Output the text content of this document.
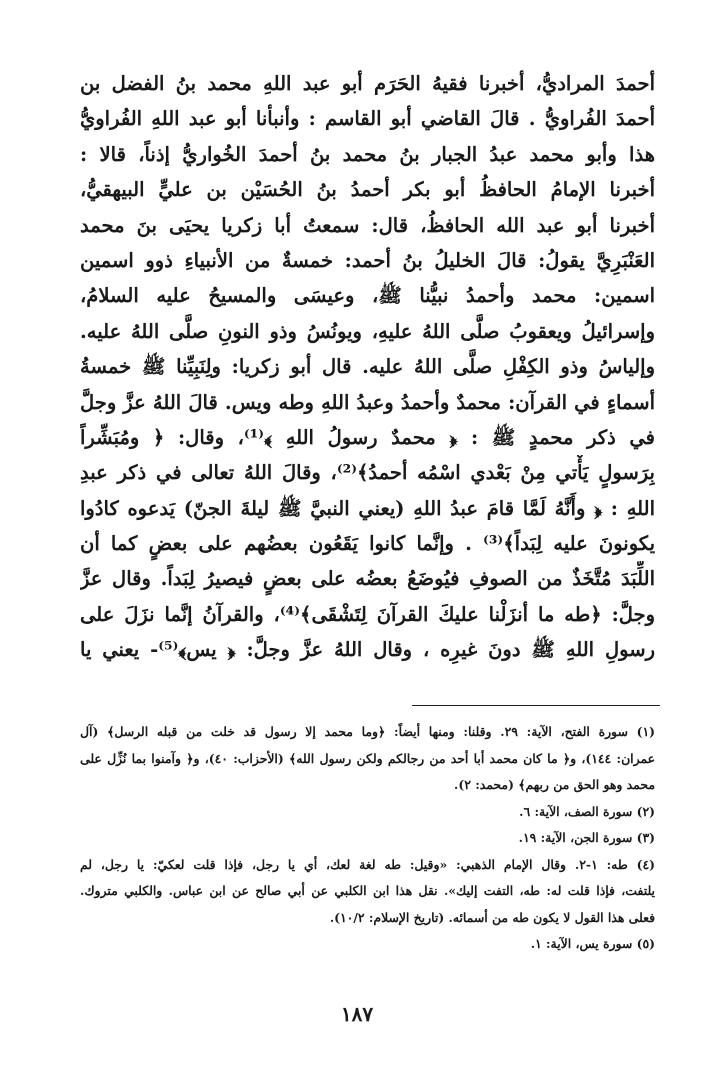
أحمدَ المراديُّ، أخبرنا فقيهُ الحَرَم أبو عبد اللهِ محمد بنُ الفضل بن
أحمدَ الفُراويُّ . قالَ القاضي أبو القاسم : وأنبأنا أبو عبد اللهِ الفُراويُّ
هذا وأبو محمد عبدُ الجبار بنُ محمد بنُ أحمدَ الخُواريُّ إذناً، قالا :
أخبرنا الإمامُ الحافظُ أبو بكر أحمدُ بنُ الحُسَيْن بن عليٍّ البيهقيُّ،
أخبرنا أبو عبد الله الحافظُ، قال: سمعتُ أبا زكريا يحيَى بنَ محمد
العَنْبَرِيَّ يقولُ: قالَ الخليلُ بنُ أحمد: خمسةٌ من الأنبياءِ ذوو اسمين
اسمين: محمد وأحمدُ نبيُّنا ﷺ، وعيسَى والمسيحُ عليه السلامُ،
وإسرائيلُ ويعقوبُ صلَّى اللهُ عليهِ، ويونُسُ وذو النونِ صلَّى اللهُ عليه.
وإلياسُ وذو الكِفْلِ صلَّى اللهُ عليه. قال أبو زكريا: ولِنَبِيِّنا ﷺ خمسةُ
أسماءٍ في القرآن: محمدٌ وأحمدُ وعبدُ اللهِ وطه ويس. قالَ اللهُ عزَّ وجلَّ
في ذكر محمدٍ ﷺ : ﴿ محمدٌ رسولُ اللهِ ﴾⁽¹⁾، وقال: ﴿ ومُبَشِّراً
بِرَسولٍ يَأْتي مِنْ بَعْدي اسْمُه أحمدُ﴾⁽²⁾، وقالَ اللهُ تعالى في ذكر عبدِ
اللهِ : ﴿ وأَنَّهُ لَمَّا قامَ عبدُ اللهِ (يعني النبيَّ ﷺ ليلةَ الجنّ) يَدعوه كادُوا
يكونونَ عليه لِبَداً﴾⁽³⁾ . وإنَّما كانوا يَقَعُون بعضُهم على بعضٍ كما أن
اللِّبَدَ مُتَّخَذٌ من الصوفِ فيُوضَعُ بعضُه على بعضٍ فيصيرُ لِبَداً. وقال عزَّ
وجلَّ: ﴿طه ما أنزَلْنا عليكَ القرآنَ لِتَشْقَى﴾⁽⁴⁾، والقرآنُ إنَّما نزَلَ على
رسولِ اللهِ ﷺ دونَ غيرِه ، وقال اللهُ عزَّ وجلَّ: ﴿ يس﴾⁽⁵⁾- يعني يا
(١) سورة الفتح، الآية: ٢٩. وقلنا: ومنها أيضاً: ﴿وما محمد إلا رسول قد خلت من قبله الرسل﴾ (آل
عمران: ١٤٤)، و﴿ ما كان محمد أبا أحد من رجالكم ولكن رسول الله﴾ (الأحزاب: ٤٠)، و﴿ وآمنوا بما نُزِّل على
محمد وهو الحق من ربهم﴾ (محمد: ٢).
(٢) سورة الصف، الآية: ٦.
(٣) سورة الجن، الآية: ١٩.
(٤) طه: ١-٢. وقال الإمام الذهبي: «وقيل: طه لغة لعك، أي يا رجل، فإذا قلت لعكيّ: يا رجل، لم
يلتفت، فإذا قلت له: طه، التفت إليك». نقل هذا ابن الكلبي عن أبي صالح عن ابن عباس. والكلبي متروك.
فعلى هذا القول لا يكون طه من أسمائه. (تاريخ الإسلام: ١٠/٢).
(٥) سورة يس، الآية: ١.
١٨٧
